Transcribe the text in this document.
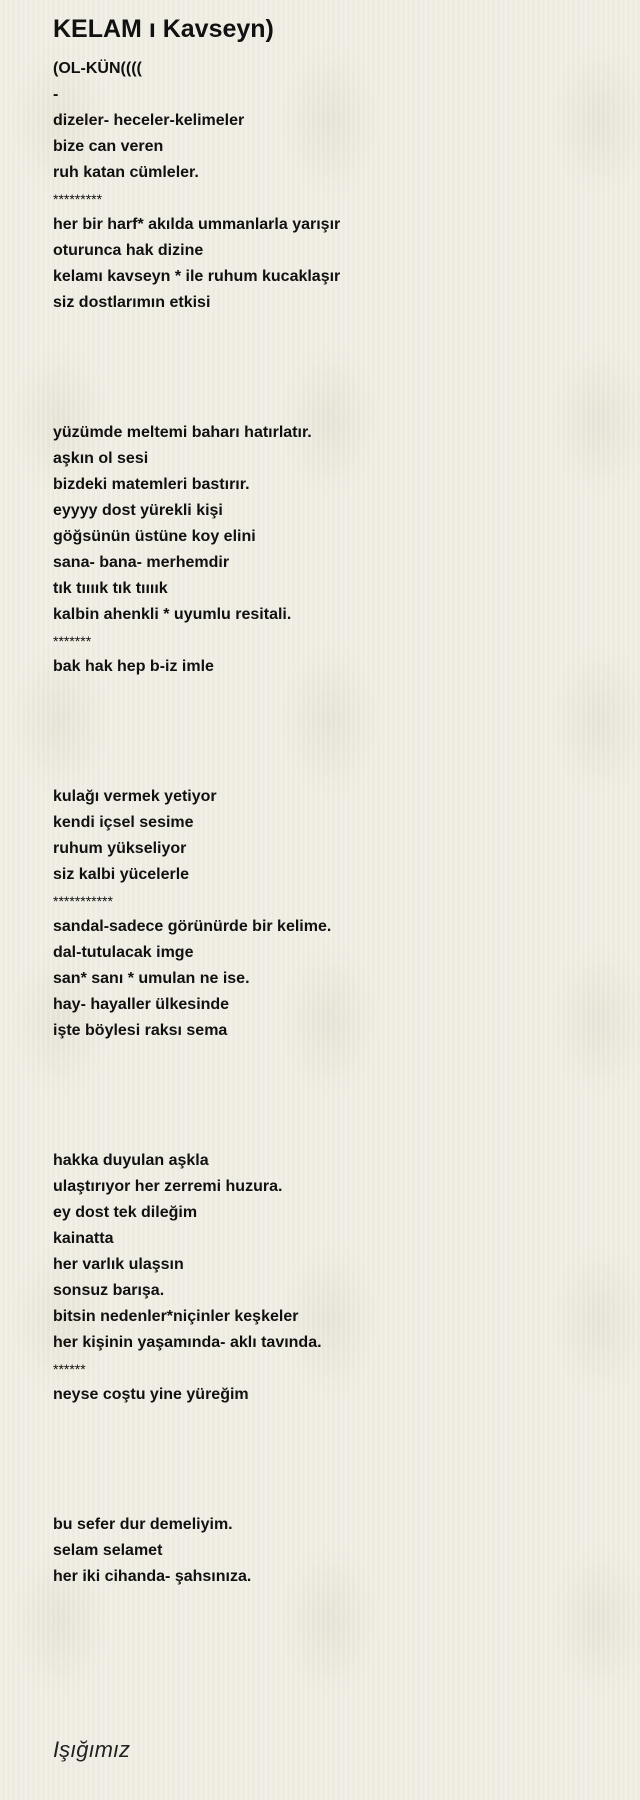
KELAM ı Kavseyn)
(OL-KÜN((((
-
dizeler- heceler-kelimeler
bize can veren
ruh katan cümleler.
*********
her bir harf* akılda ummanlarla yarışır
oturunca hak dizine
kelamı kavseyn * ile ruhum kucaklaşır
siz dostlarımın etkisi
yüzümde meltemi baharı hatırlatır.
aşkın ol sesi
bizdeki matemleri bastırır.
eyyyy dost yürekli kişi
göğsünün üstüne koy elini
sana- bana- merhemdir
tık tıııık tık tıııık
kalbin ahenkli * uyumlu resitali.
*******
bak hak hep b-iz imle
kulağı vermek yetiyor
kendi içsel sesime
ruhum yükseliyor
siz kalbi yücelerle
***********
sandal-sadece görünürde bir kelime.
dal-tutulacak imge
san* sanı * umulan ne ise.
hay- hayaller ülkesinde
işte böylesi raksı sema
hakka duyulan aşkla
ulaştırıyor her zerremi huzura.
ey dost tek dileğim
kainatta
her varlık ulaşsın
sonsuz barışa.
bitsin nedenler*niçinler keşkeler
her kişinin yaşamında- aklı tavında.
******
neyse coştu yine yüreğim
bu sefer dur demeliyim.
selam selamet
her iki cihanda- şahsınıza.
Işığımız
